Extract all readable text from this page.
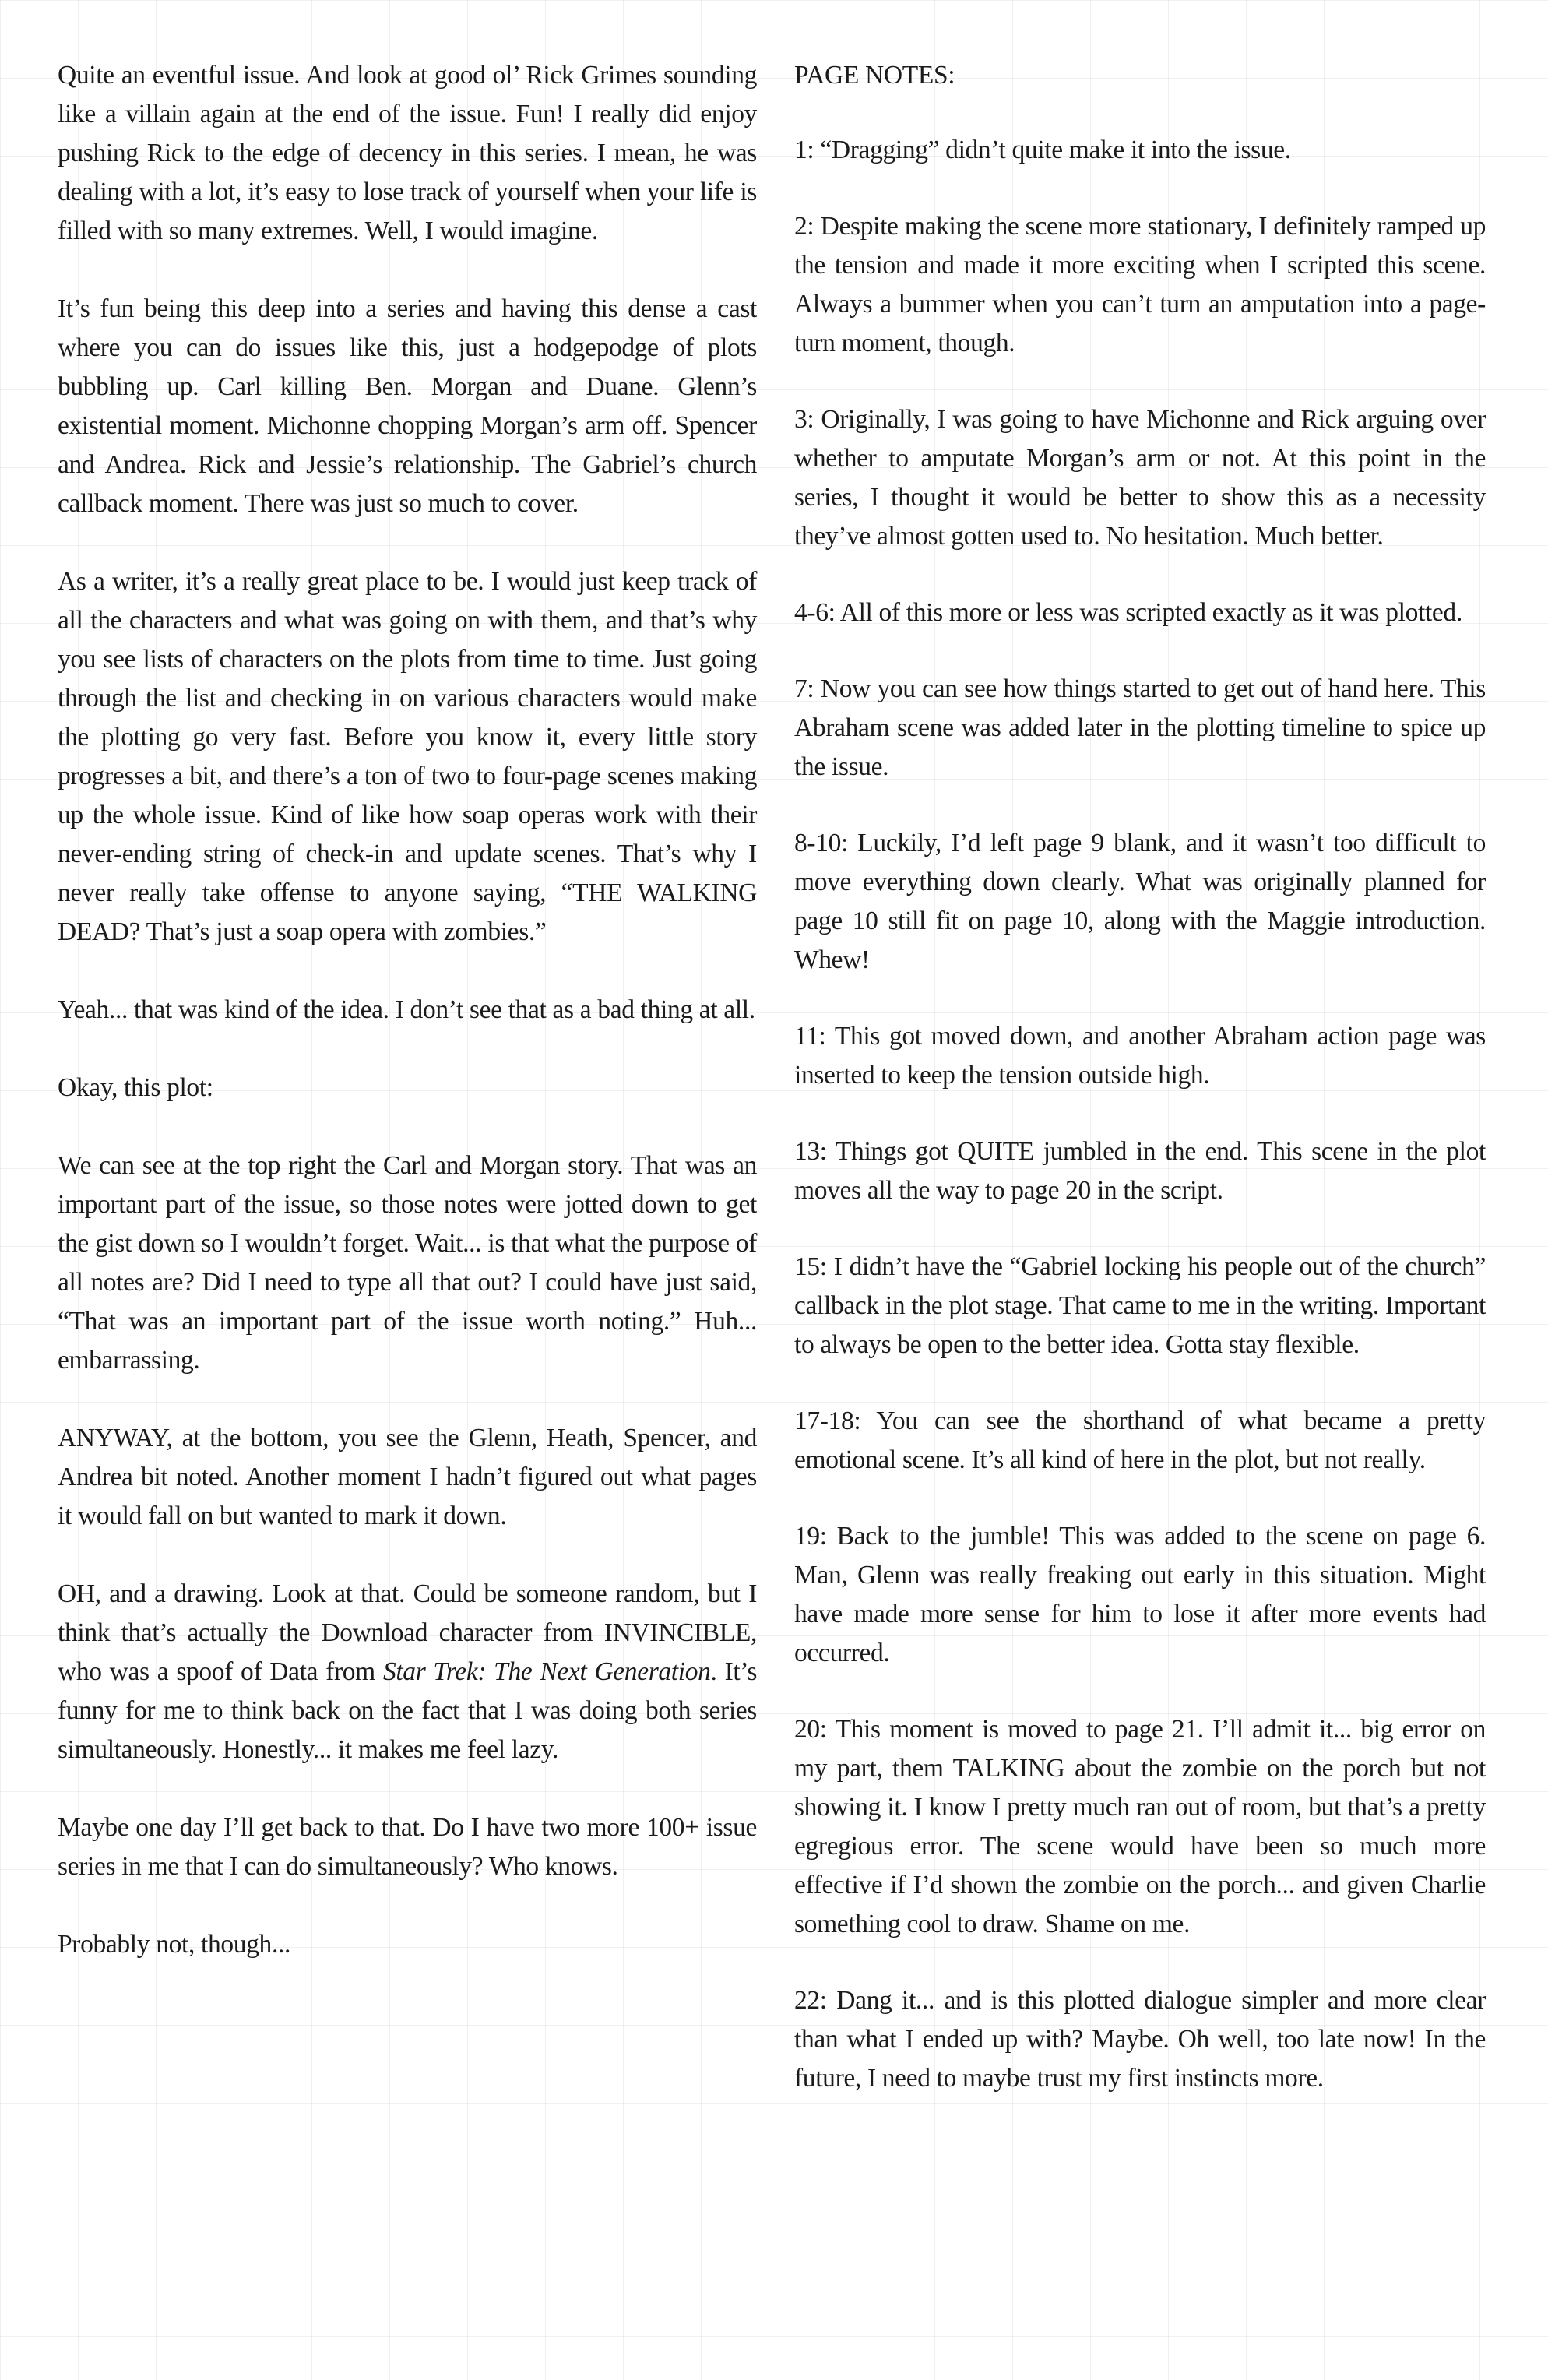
Quite an eventful issue. And look at good ol’ Rick Grimes sounding like a villain again at the end of the issue. Fun! I really did enjoy pushing Rick to the edge of decency in this series. I mean, he was dealing with a lot, it’s easy to lose track of yourself when your life is filled with so many extremes. Well, I would imagine.

It’s fun being this deep into a series and having this dense a cast where you can do issues like this, just a hodgepodge of plots bubbling up. Carl killing Ben. Morgan and Duane. Glenn’s existential moment. Michonne chopping Morgan’s arm off. Spencer and Andrea. Rick and Jessie’s relationship. The Gabriel’s church callback moment. There was just so much to cover.

As a writer, it’s a really great place to be. I would just keep track of all the characters and what was going on with them, and that’s why you see lists of characters on the plots from time to time. Just going through the list and checking in on various characters would make the plotting go very fast. Before you know it, every little story progresses a bit, and there’s a ton of two to four-page scenes making up the whole issue. Kind of like how soap operas work with their never-ending string of check-in and update scenes. That’s why I never really take offense to anyone saying, “THE WALKING DEAD? That’s just a soap opera with zombies.”

Yeah... that was kind of the idea. I don’t see that as a bad thing at all.

Okay, this plot:

We can see at the top right the Carl and Morgan story. That was an important part of the issue, so those notes were jotted down to get the gist down so I wouldn’t forget. Wait... is that what the purpose of all notes are? Did I need to type all that out? I could have just said, “That was an important part of the issue worth noting.” Huh... embarrassing.

ANYWAY, at the bottom, you see the Glenn, Heath, Spencer, and Andrea bit noted. Another moment I hadn’t figured out what pages it would fall on but wanted to mark it down.

OH, and a drawing. Look at that. Could be someone random, but I think that’s actually the Download character from INVINCIBLE, who was a spoof of Data from Star Trek: The Next Generation. It’s funny for me to think back on the fact that I was doing both series simultaneously. Honestly... it makes me feel lazy.

Maybe one day I’ll get back to that. Do I have two more 100+ issue series in me that I can do simultaneously? Who knows.

Probably not, though...

PAGE NOTES:

1: “Dragging” didn’t quite make it into the issue.

2: Despite making the scene more stationary, I definitely ramped up the tension and made it more exciting when I scripted this scene. Always a bummer when you can’t turn an amputation into a page-turn moment, though.

3: Originally, I was going to have Michonne and Rick arguing over whether to amputate Morgan’s arm or not. At this point in the series, I thought it would be better to show this as a necessity they’ve almost gotten used to. No hesitation. Much better.

4-6: All of this more or less was scripted exactly as it was plotted.

7: Now you can see how things started to get out of hand here. This Abraham scene was added later in the plotting timeline to spice up the issue.

8-10: Luckily, I’d left page 9 blank, and it wasn’t too difficult to move everything down clearly. What was originally planned for page 10 still fit on page 10, along with the Maggie introduction. Whew!

11: This got moved down, and another Abraham action page was inserted to keep the tension outside high.

13: Things got QUITE jumbled in the end. This scene in the plot moves all the way to page 20 in the script.

15: I didn’t have the “Gabriel locking his people out of the church” callback in the plot stage. That came to me in the writing. Important to always be open to the better idea. Gotta stay flexible.

17-18: You can see the shorthand of what became a pretty emotional scene. It’s all kind of here in the plot, but not really.

19: Back to the jumble! This was added to the scene on page 6. Man, Glenn was really freaking out early in this situation. Might have made more sense for him to lose it after more events had occurred.

20: This moment is moved to page 21. I’ll admit it... big error on my part, them TALKING about the zombie on the porch but not showing it. I know I pretty much ran out of room, but that’s a pretty egregious error. The scene would have been so much more effective if I’d shown the zombie on the porch... and given Charlie something cool to draw. Shame on me.

22: Dang it... and is this plotted dialogue simpler and more clear than what I ended up with? Maybe. Oh well, too late now! In the future, I need to maybe trust my first instincts more.
